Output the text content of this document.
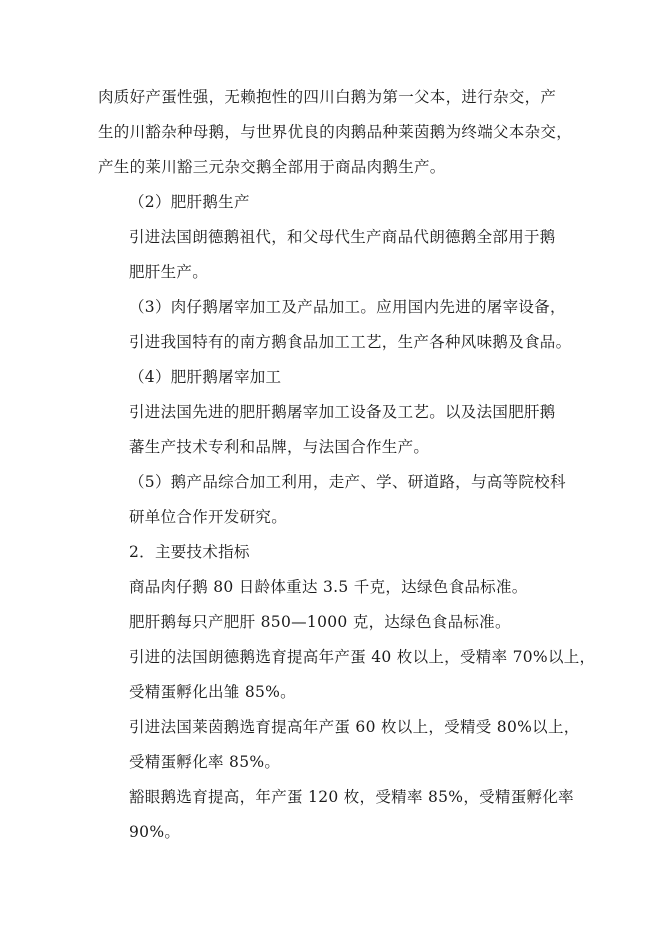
肉质好产蛋性强，无赖抱性的四川白鹅为第一父本，进行杂交，产
生的川豁杂种母鹅，与世界优良的肉鹅品种莱茵鹅为终端父本杂交，
产生的莱川豁三元杂交鹅全部用于商品肉鹅生产。

（2）肥肝鹅生产

引进法国朗德鹅祖代，和父母代生产商品代朗德鹅全部用于鹅
肥肝生产。

（3）肉仔鹅屠宰加工及产品加工。应用国内先进的屠宰设备，
引进我国特有的南方鹅食品加工工艺，生产各种风味鹅及食品。

（4）肥肝鹅屠宰加工

引进法国先进的肥肝鹅屠宰加工设备及工艺。以及法国肥肝鹅
蕃生产技术专利和品牌，与法国合作生产。

（5）鹅产品综合加工利用，走产、学、研道路，与高等院校科
研单位合作开发研究。

2．主要技术指标

商品肉仔鹅 80 日龄体重达 3.5 千克，达绿色食品标准。

肥肝鹅每只产肥肝 850—1000 克，达绿色食品标准。

引进的法国朗德鹅选育提高年产蛋 40 枚以上，受精率 70%以上，
受精蛋孵化出雏 85%。

引进法国莱茵鹅选育提高年产蛋 60 枚以上，受精受 80%以上，
受精蛋孵化率 85%。

豁眼鹅选育提高，年产蛋 120 枚，受精率 85%，受精蛋孵化率
90%。
